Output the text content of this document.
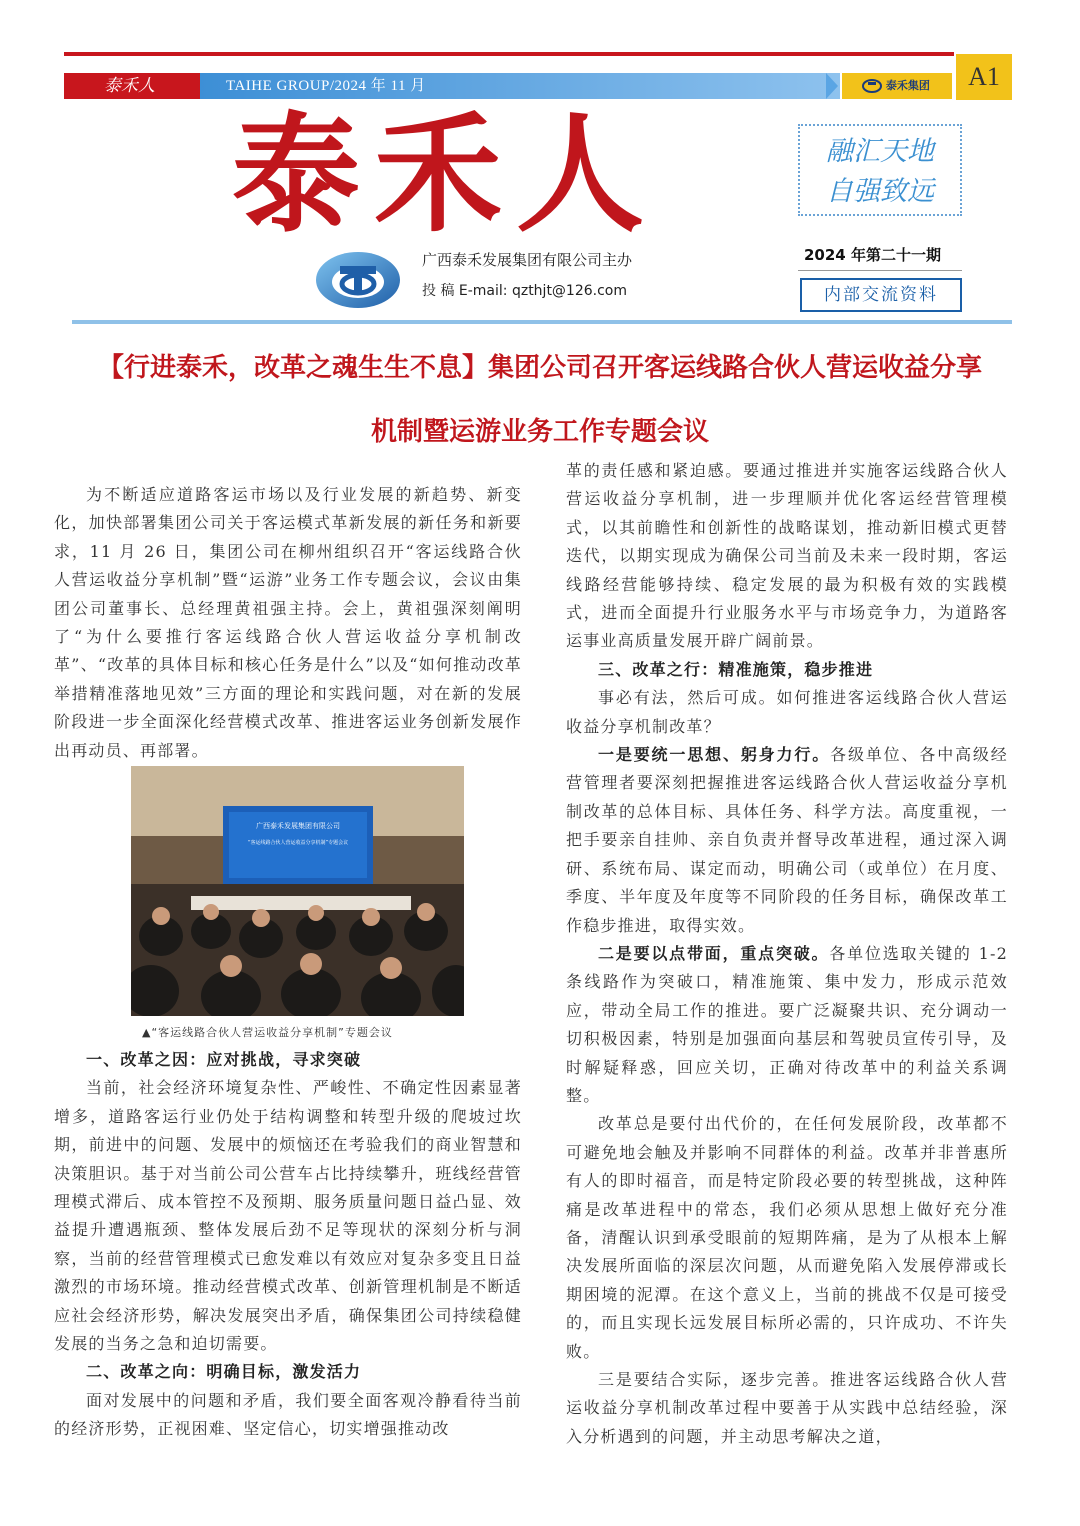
泰禾人	TAIHE GROUP/2024 年 11 月	泰禾集团	A1
泰禾人	融汇天地
自强致远
广西泰禾发展集团有限公司主办
投 稿 E-mail: qzthjt@126.com
2024 年第二十一期
内部交流资料
【行进泰禾，改革之魂生生不息】集团公司召开客运线路合伙人营运收益分享
机制暨运游业务工作专题会议

为不断适应道路客运市场以及行业发展的新趋势、新变化，加快部署集团公司关于客运模式革新发展的新任务和新要求，11 月 26 日，集团公司在柳州组织召开“客运线路合伙人营运收益分享机制”暨“运游”业务工作专题会议，会议由集团公司董事长、总经理黄祖强主持。会上，黄祖强深刻阐明了“为什么要推行客运线路合伙人营运收益分享机制改革”、“改革的具体目标和核心任务是什么”以及“如何推动改革举措精准落地见效”三方面的理论和实践问题，对在新的发展阶段进一步全面深化经营模式改革、推进客运业务创新发展作出再动员、再部署。

广西泰禾发展集团有限公司
“客运线路合伙人营运收益分享机制”专题会议
▲“客运线路合伙人营运收益分享机制”专题会议

一、改革之因：应对挑战，寻求突破

当前，社会经济环境复杂性、严峻性、不确定性因素显著增多，道路客运行业仍处于结构调整和转型升级的爬坡过坎期，前进中的问题、发展中的烦恼还在考验我们的商业智慧和决策胆识。基于对当前公司公营车占比持续攀升，班线经营管理模式滞后、成本管控不及预期、服务质量问题日益凸显、效益提升遭遇瓶颈、整体发展后劲不足等现状的深刻分析与洞察，当前的经营管理模式已愈发难以有效应对复杂多变且日益激烈的市场环境。推动经营模式改革、创新管理机制是不断适应社会经济形势，解决发展突出矛盾，确保集团公司持续稳健发展的当务之急和迫切需要。

二、改革之向：明确目标，激发活力

面对发展中的问题和矛盾，我们要全面客观冷静看待当前的经济形势，正视困难、坚定信心，切实增强推动改

革的责任感和紧迫感。要通过推进并实施客运线路合伙人营运收益分享机制，进一步理顺并优化客运经营管理模式，以其前瞻性和创新性的战略谋划，推动新旧模式更替迭代，以期实现成为确保公司当前及未来一段时期，客运线路经营能够持续、稳定发展的最为积极有效的实践模式，进而全面提升行业服务水平与市场竞争力，为道路客运事业高质量发展开辟广阔前景。

三、改革之行：精准施策，稳步推进

事必有法，然后可成。如何推进客运线路合伙人营运收益分享机制改革？

一是要统一思想、躬身力行。各级单位、各中高级经营管理者要深刻把握推进客运线路合伙人营运收益分享机制改革的总体目标、具体任务、科学方法。高度重视，一把手要亲自挂帅、亲自负责并督导改革进程，通过深入调研、系统布局、谋定而动，明确公司（或单位）在月度、季度、半年度及年度等不同阶段的任务目标，确保改革工作稳步推进，取得实效。

二是要以点带面，重点突破。各单位选取关键的 1-2 条线路作为突破口，精准施策、集中发力，形成示范效应，带动全局工作的推进。要广泛凝聚共识、充分调动一切积极因素，特别是加强面向基层和驾驶员宣传引导，及时解疑释惑，回应关切，正确对待改革中的利益关系调整。

改革总是要付出代价的，在任何发展阶段，改革都不可避免地会触及并影响不同群体的利益。改革并非普惠所有人的即时福音，而是特定阶段必要的转型挑战，这种阵痛是改革进程中的常态，我们必须从思想上做好充分准备，清醒认识到承受眼前的短期阵痛，是为了从根本上解决发展所面临的深层次问题，从而避免陷入发展停滞或长期困境的泥潭。在这个意义上，当前的挑战不仅是可接受的，而且实现长远发展目标所必需的，只许成功、不许失败。

三是要结合实际，逐步完善。推进客运线路合伙人营运收益分享机制改革过程中要善于从实践中总结经验，深入分析遇到的问题，并主动思考解决之道，
